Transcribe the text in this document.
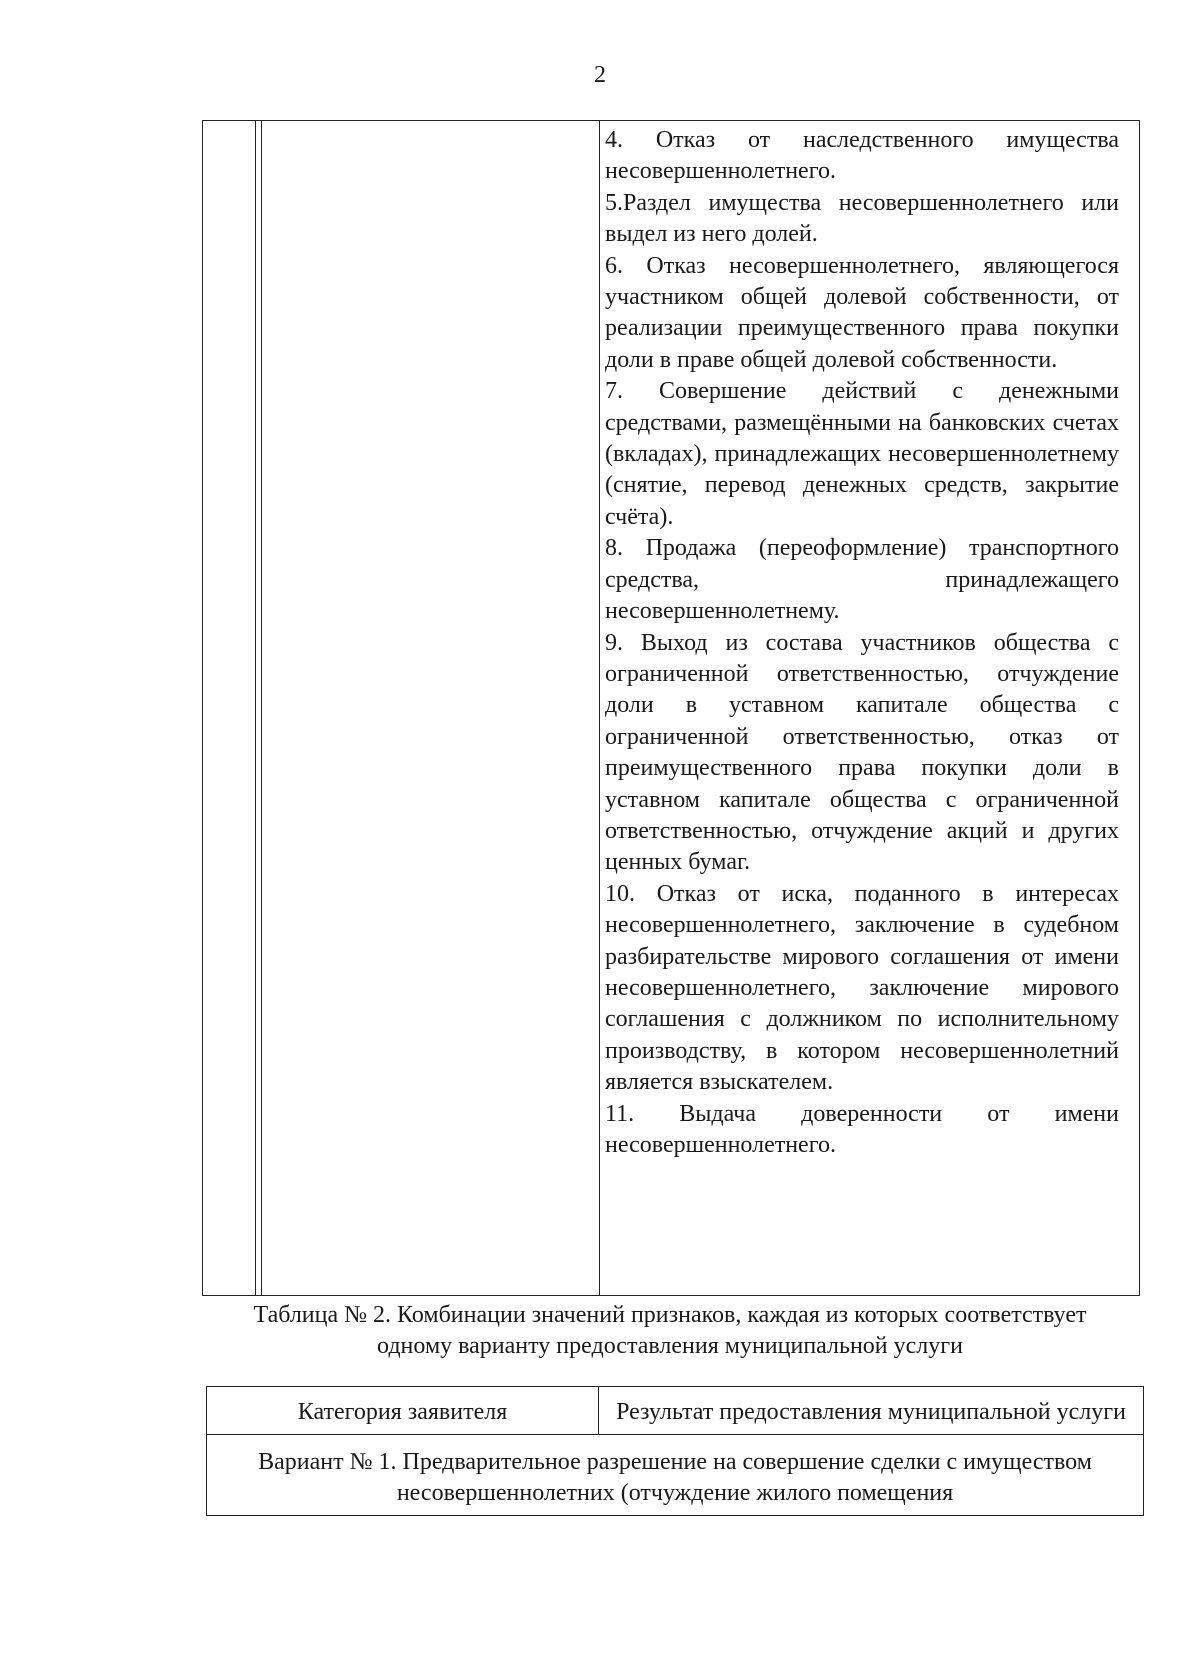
2

4. Отказ от наследственного имущества несовершеннолетнего.

5.Раздел имущества несовершеннолетнего или выдел из него долей.

6. Отказ несовершеннолетнего, являющегося участником общей долевой собственности, от реализации преимущественного права покупки доли в праве общей долевой собственности.

7. Совершение действий с денежными средствами, размещёнными на банковских счетах (вкладах), принадлежащих несовершеннолетнему (снятие, перевод денежных средств, закрытие счёта).

8. Продажа (переоформление) транспортного средства, принадлежащего несовершеннолетнему.

9. Выход из состава участников общества с ограниченной ответственностью, отчуждение доли в уставном капитале общества с ограниченной ответственностью, отказ от преимущественного права покупки доли в уставном капитале общества с ограниченной ответственностью, отчуждение акций и других ценных бумаг.

10. Отказ от иска, поданного в интересах несовершеннолетнего, заключение в судебном разбирательстве мирового соглашения от имени несовершеннолетнего, заключение мирового соглашения с должником по исполнительному производству, в котором несовершеннолетний является взыскателем.

11. Выдача доверенности от имени несовершеннолетнего.

Таблица № 2. Комбинации значений признаков, каждая из которых соответствует одному варианту предоставления муниципальной услуги
Категория заявителя	Результат предоставления муниципальной услуги
Вариант № 1. Предварительное разрешение на совершение сделки с имуществом несовершеннолетних (отчуждение жилого помещения
